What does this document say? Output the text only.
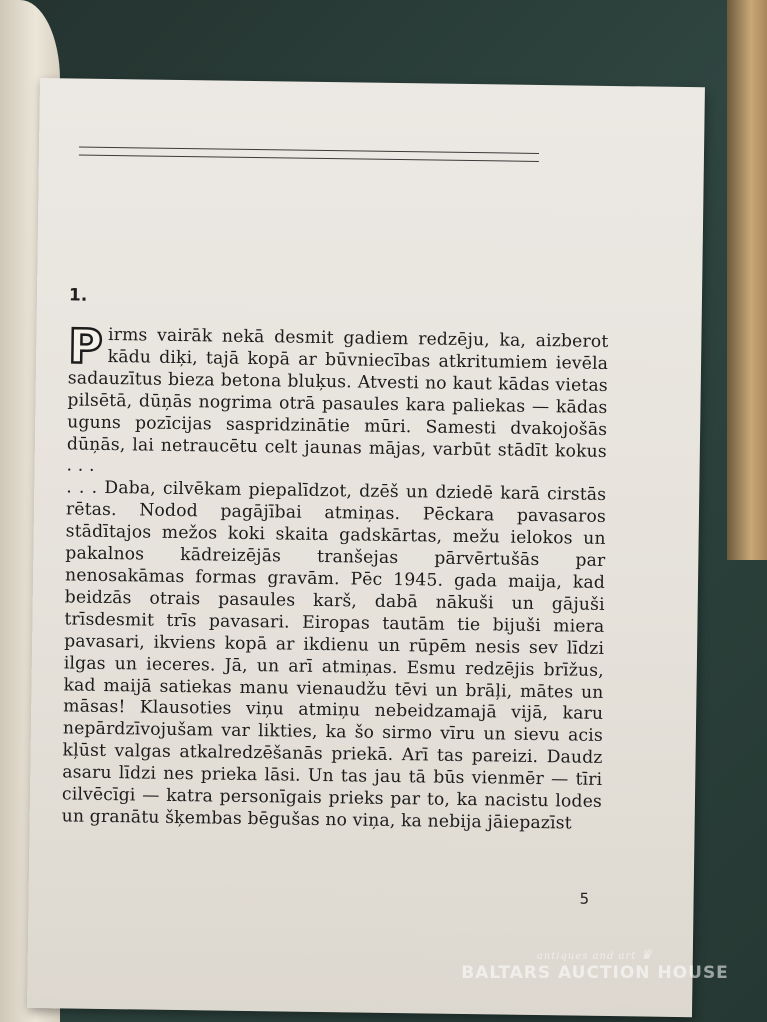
1.

Pirms vairāk nekā desmit gadiem redzēju, ka, aizberot kādu diķi, tajā kopā ar būvniecības atkritumiem ievēla sadauzītus bieza betona bluķus. Atvesti no kaut kādas vietas pilsētā, dūņās nogrima otrā pasaules kara paliekas — kādas uguns pozīcijas saspridzinātie mūri. Samesti dvakojošās dūņās, lai netraucētu celt jaunas mājas, varbūt stādīt kokus . . .

. . . Daba, cilvēkam piepalīdzot, dzēš un dziedē karā cirstās rētas. Nodod pagājībai atmiņas. Pēckara pavasaros stādītajos mežos koki skaita gadskārtas, mežu ielokos un pakalnos kādreizējās tranšejas pārvērtušās par nenosakāmas formas gravām. Pēc 1945. gada maija, kad beidzās otrais pasaules karš, dabā nākuši un gājuši trīsdesmit trīs pavasari. Eiropas tautām tie bijuši miera pavasari, ikviens kopā ar ikdienu un rūpēm nesis sev līdzi ilgas un ieceres. Jā, un arī atmiņas. Esmu redzējis brīžus, kad maijā satiekas manu vienaudžu tēvi un brāļi, mātes un māsas! Klausoties viņu atmiņu nebeidzamajā vijā, karu nepārdzīvojušam var likties, ka šo sirmo vīru un sievu acis kļūst valgas atkalredzēšanās priekā. Arī tas pareizi. Daudz asaru līdzi nes prieka lāsi. Un tas jau tā būs vienmēr — tīri cilvēcīgi — katra personīgais prieks par to, ka nacistu lodes un granātu šķembas bēgušas no viņa, ka nebija jāiepazīst

5
antiques and art ♛
BALTARS AUCTION HOUSE
